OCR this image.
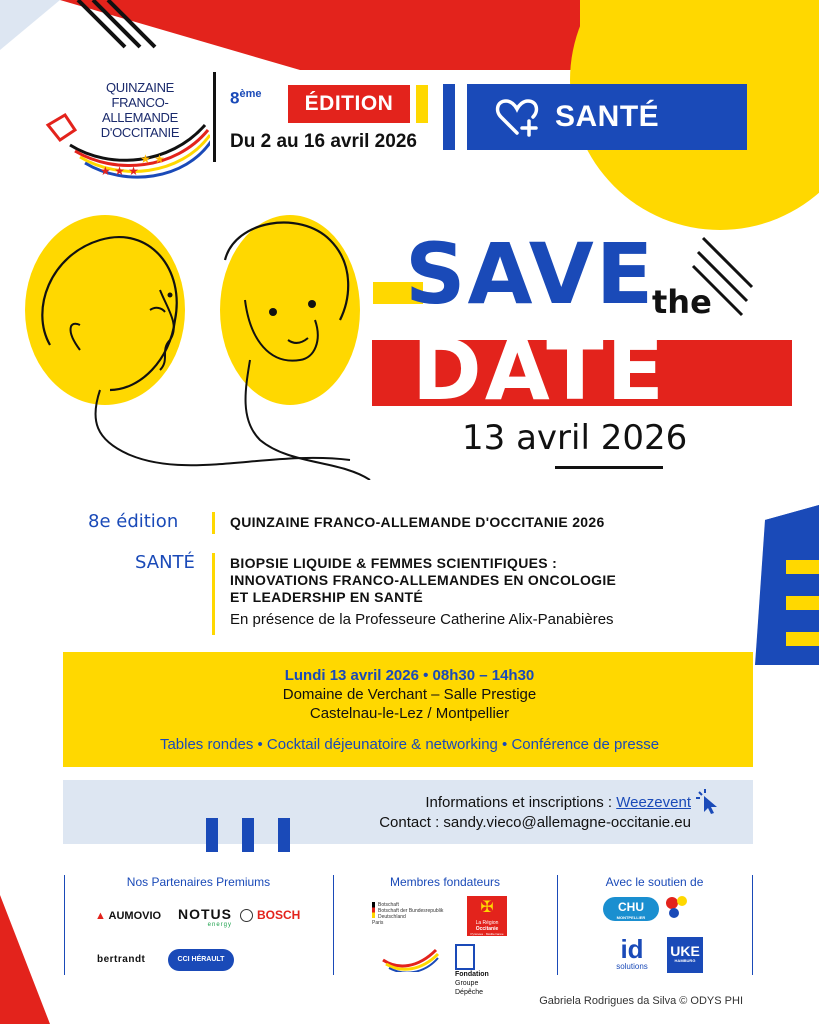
★ ★ ★
★ ★
QUINZAINE
FRANCO-ALLEMANDE
D'OCCITANIE
8ème	ÉDITION
Du 2 au 16 avril 2026
SANTÉ
SAVE
the
DATE
13 avril 2026
8e édition	QUINZAINE FRANCO-ALLEMANDE D'OCCITANIE 2026
SANTÉ	BIOPSIE LIQUIDE & FEMMES SCIENTIFIQUES :
INNOVATIONS FRANCO-ALLEMANDES EN ONCOLOGIE
ET LEADERSHIP EN SANTÉ
En présence de la Professeure Catherine Alix-Panabières
Lundi 13 avril 2026 • 08h30 – 14h30
Domaine de Verchant – Salle Prestige
Castelnau-le-Lez / Montpellier
Tables rondes • Cocktail déjeunatoire & networking • Conférence de presse
Informations et inscriptions : Weezevent
Contact : sandy.vieco@allemagne-occitanie.eu
Nos Partenaires Premiums	Membres fondateurs	Avec le soutien de
▲ AUMOVIO NOTUS
energy
BOSCH
bertrandt	CCI HÉRAULT
Botschaft
Botschaft der Bundesrepublik Deutschland
Paris
✠
La Région
Occitanie
Pyrénées · Méditerranée
Fondation
Groupe
Dépêche
CHU
MONTPELLIER
id
solutions
UKE
HAMBURG
Gabriela Rodrigues da Silva © ODYS PHI
